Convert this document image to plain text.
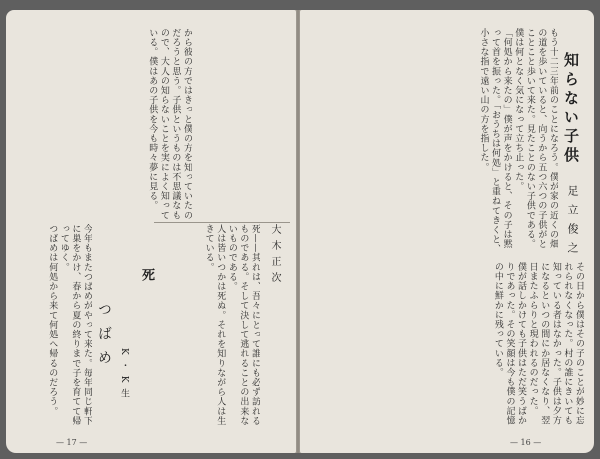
知らない子供
足立俊之
もう十二三年前のことになろう。僕が家の近くの畑の道を歩いていると、向うから五つ六つの子供がとことこと歩いて来た。見たことのない子供である。僕は何となく気になって立ち止った。
「何処から来たの」僕が声をかけると、その子は黙って首を振った。「おうちは何処」と重ねてきくと、小さな指で遠い山の方を指した。

その日から僕はその子のことが妙に忘れられなくなった。村の誰にきいても知っている者はなかった。子供は夕方になるといつの間にか居なくなり、翌日またふらりと現われるのだった。
僕が話しかけても子供はただ笑うばかりであった。その笑顔は今も僕の記憶の中に鮮かに残っている。
— 16 —
から彼の方ではきっと僕の方を知っていたのだろうと思う。子供というものは不思議なもので、大人の知らないことを実によく知っている。僕はあの子供を今も時々夢に見る。
死	大木正次
死——其れは、吾々にとって誰にも必ず訪れるものである。そして決して逃れることの出来ないものである。
人は皆いつかは死ぬ。それを知りながら人は生きている。

つばめ
K・K生
今年もまたつばめがやって来た。毎年同じ軒下に巣をかけ、春から夏の終りまで子を育てて帰ってゆく。
つばめは何処から来て何処へ帰るのだろう。

— 17 —
